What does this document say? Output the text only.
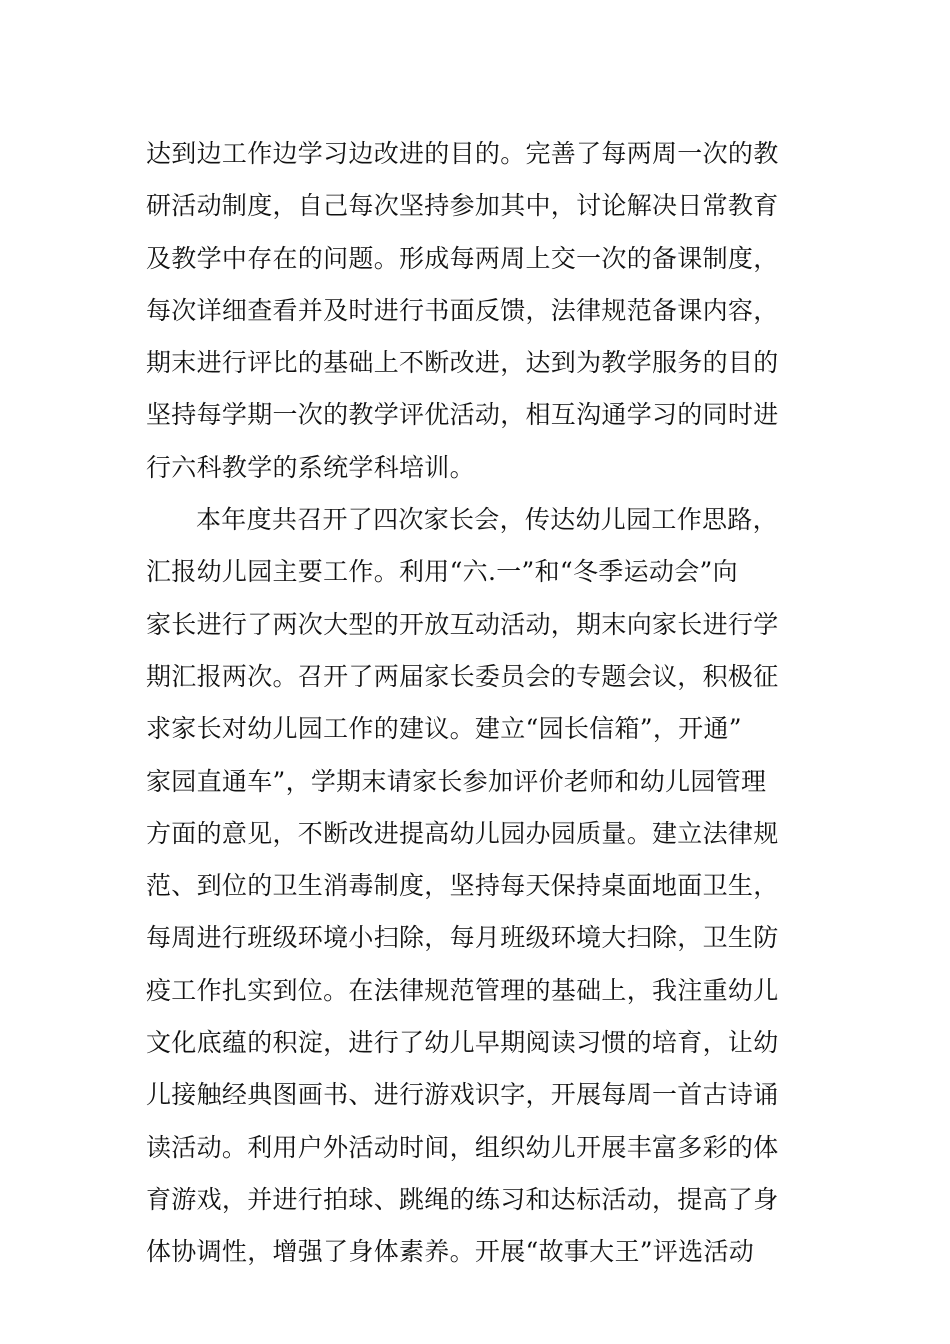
达到边工作边学习边改进的目的。完善了每两周一次的教
研活动制度，自己每次坚持参加其中，讨论解决日常教育
及教学中存在的问题。形成每两周上交一次的备课制度，
每次详细查看并及时进行书面反馈，法律规范备课内容，
期末进行评比的基础上不断改进，达到为教学服务的目的
坚持每学期一次的教学评优活动，相互沟通学习的同时进
行六科教学的系统学科培训。
本年度共召开了四次家长会，传达幼儿园工作思路，
汇报幼儿园主要工作。利用“六.一”和“冬季运动会”向
家长进行了两次大型的开放互动活动，期末向家长进行学
期汇报两次。召开了两届家长委员会的专题会议，积极征
求家长对幼儿园工作的建议。建立“园长信箱”，开通”
家园直通车”，学期末请家长参加评价老师和幼儿园管理
方面的意见，不断改进提高幼儿园办园质量。建立法律规
范、到位的卫生消毒制度，坚持每天保持桌面地面卫生，
每周进行班级环境小扫除，每月班级环境大扫除，卫生防
疫工作扎实到位。在法律规范管理的基础上，我注重幼儿
文化底蕴的积淀，进行了幼儿早期阅读习惯的培育，让幼
儿接触经典图画书、进行游戏识字，开展每周一首古诗诵
读活动。利用户外活动时间，组织幼儿开展丰富多彩的体
育游戏，并进行拍球、跳绳的练习和达标活动，提高了身
体协调性，增强了身体素养。开展“故事大王”评选活动
